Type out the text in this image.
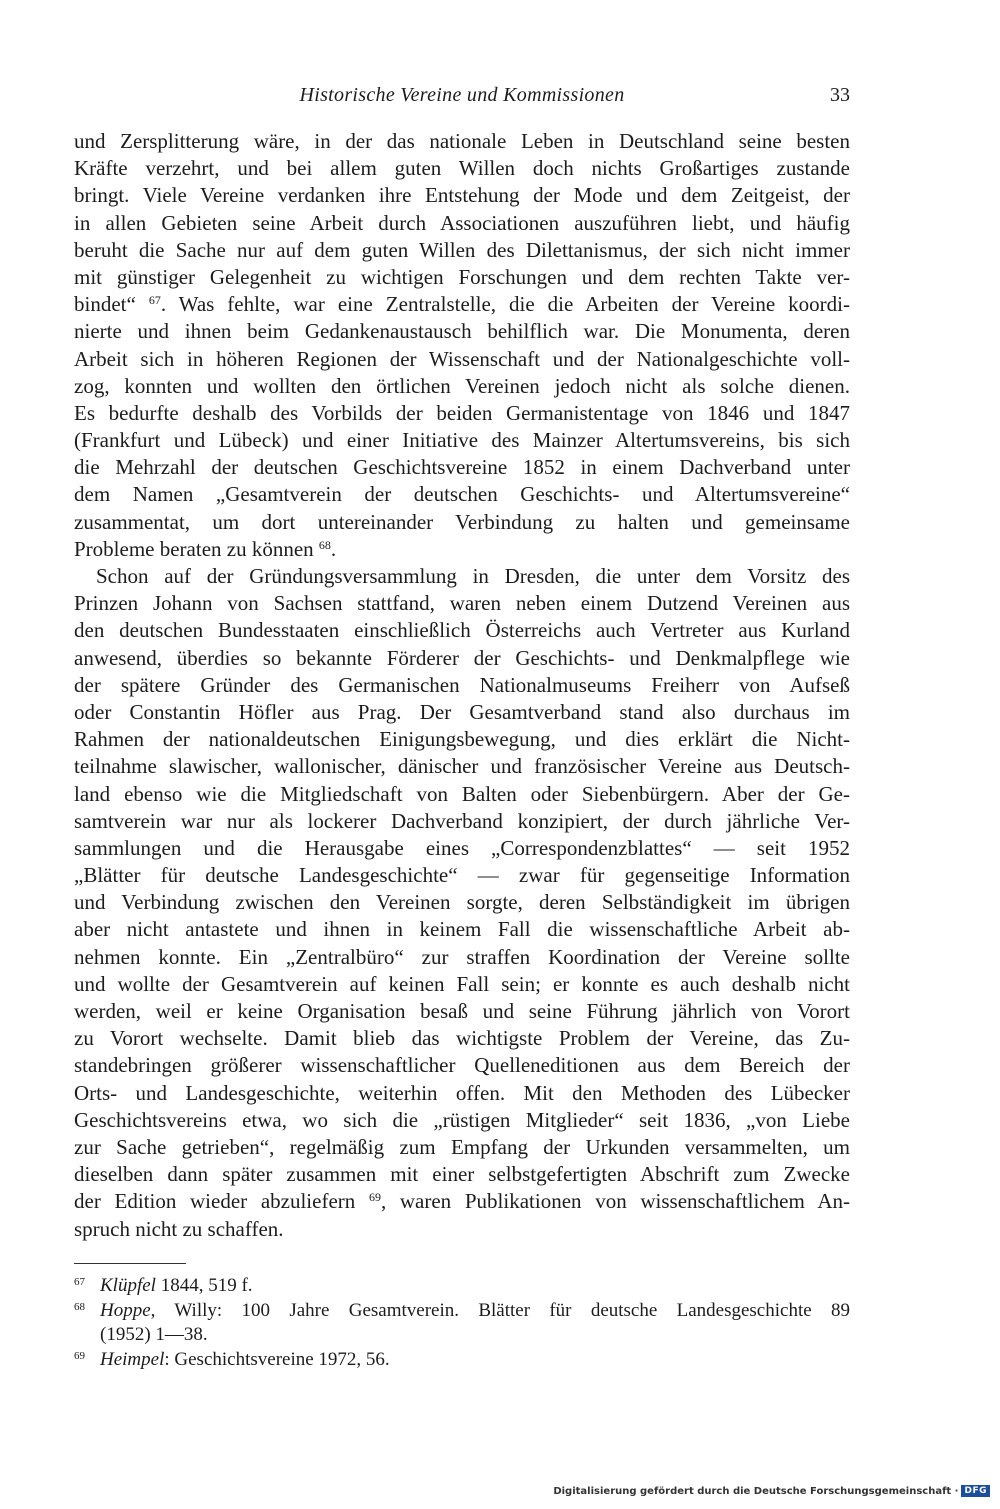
Historische Vereine und Kommissionen	33
und Zersplitterung wäre, in der das nationale Leben in Deutschland seine besten
Kräfte verzehrt, und bei allem guten Willen doch nichts Großartiges zustande
bringt. Viele Vereine verdanken ihre Entstehung der Mode und dem Zeitgeist, der
in allen Gebieten seine Arbeit durch Associationen auszuführen liebt, und häufig
beruht die Sache nur auf dem guten Willen des Dilettanismus, der sich nicht immer
mit günstiger Gelegenheit zu wichtigen Forschungen und dem rechten Takte ver-
bindet“ $^{67}$. Was fehlte, war eine Zentralstelle, die die Arbeiten der Vereine koordi-
nierte und ihnen beim Gedankenaustausch behilflich war. Die Monumenta, deren
Arbeit sich in höheren Regionen der Wissenschaft und der Nationalgeschichte voll-
zog, konnten und wollten den örtlichen Vereinen jedoch nicht als solche dienen.
Es bedurfte deshalb des Vorbilds der beiden Germanistentage von 1846 und 1847
(Frankfurt und Lübeck) und einer Initiative des Mainzer Altertumsvereins, bis sich
die Mehrzahl der deutschen Geschichtsvereine 1852 in einem Dachverband unter
dem Namen „Gesamtverein der deutschen Geschichts- und Altertumsvereine“
zusammentat, um dort untereinander Verbindung zu halten und gemeinsame
Probleme beraten zu können $^{68}$.
Schon auf der Gründungsversammlung in Dresden, die unter dem Vorsitz des
Prinzen Johann von Sachsen stattfand, waren neben einem Dutzend Vereinen aus
den deutschen Bundesstaaten einschließlich Österreichs auch Vertreter aus Kurland
anwesend, überdies so bekannte Förderer der Geschichts- und Denkmalpflege wie
der spätere Gründer des Germanischen Nationalmuseums Freiherr von Aufseß
oder Constantin Höfler aus Prag. Der Gesamtverband stand also durchaus im
Rahmen der nationaldeutschen Einigungsbewegung, und dies erklärt die Nicht-
teilnahme slawischer, wallonischer, dänischer und französischer Vereine aus Deutsch-
land ebenso wie die Mitgliedschaft von Balten oder Siebenbürgern. Aber der Ge-
samtverein war nur als lockerer Dachverband konzipiert, der durch jährliche Ver-
sammlungen und die Herausgabe eines „Correspondenzblattes“ — seit 1952
„Blätter für deutsche Landesgeschichte“ — zwar für gegenseitige Information
und Verbindung zwischen den Vereinen sorgte, deren Selbständigkeit im übrigen
aber nicht antastete und ihnen in keinem Fall die wissenschaftliche Arbeit ab-
nehmen konnte. Ein „Zentralbüro“ zur straffen Koordination der Vereine sollte
und wollte der Gesamtverein auf keinen Fall sein; er konnte es auch deshalb nicht
werden, weil er keine Organisation besaß und seine Führung jährlich von Vorort
zu Vorort wechselte. Damit blieb das wichtigste Problem der Vereine, das Zu-
standebringen größerer wissenschaftlicher Quelleneditionen aus dem Bereich der
Orts- und Landesgeschichte, weiterhin offen. Mit den Methoden des Lübecker
Geschichtsvereins etwa, wo sich die „rüstigen Mitglieder“ seit 1836, „von Liebe
zur Sache getrieben“, regelmäßig zum Empfang der Urkunden versammelten, um
dieselben dann später zusammen mit einer selbstgefertigten Abschrift zum Zwecke
der Edition wieder abzuliefern $^{69}$, waren Publikationen von wissenschaftlichem An-
spruch nicht zu schaffen.
67 Klüpfel 1844, 519 f.
68 Hoppe, Willy: 100 Jahre Gesamtverein. Blätter für deutsche Landesgeschichte 89
(1952) 1—38.
69 Heimpel: Geschichtsvereine 1972, 56.
Digitalisierung gefördert durch die Deutsche Forschungsgemeinschaft · DFG
